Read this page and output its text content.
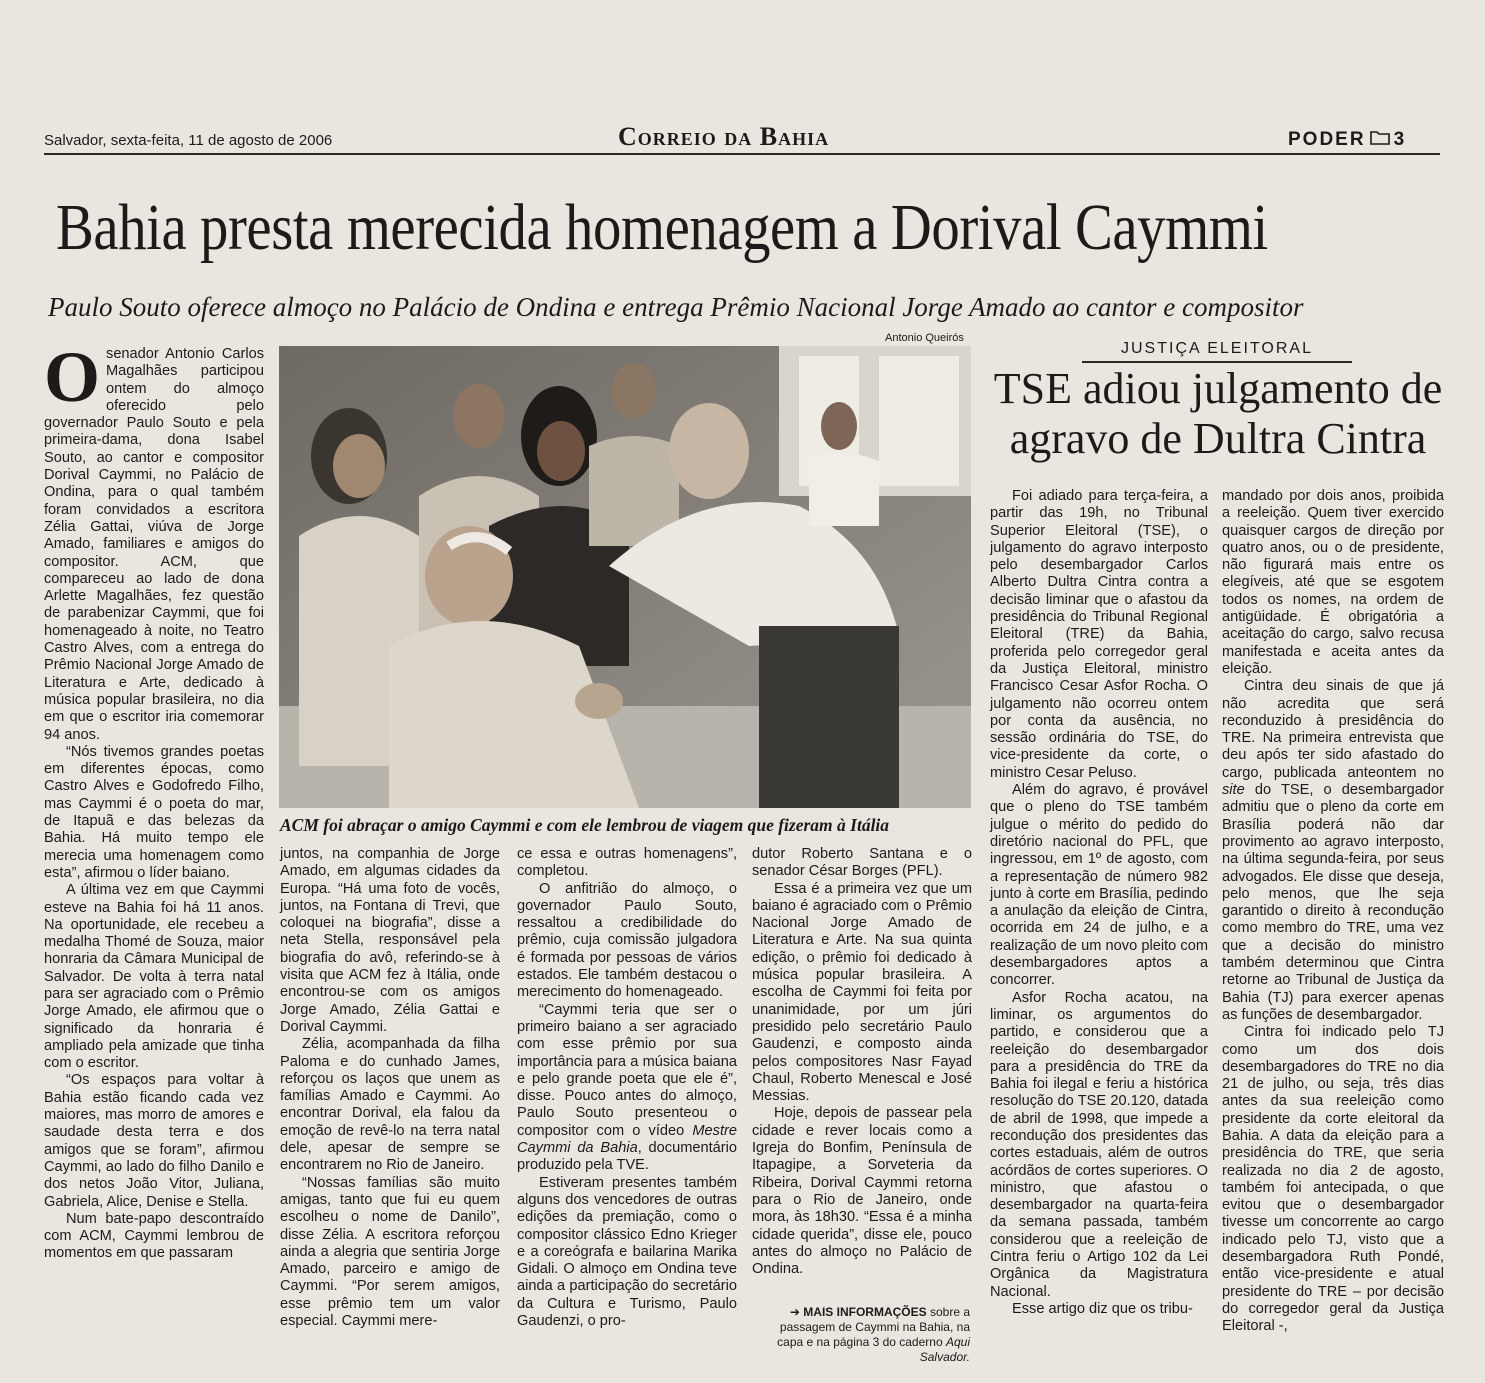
Salvador, sexta-feita, 11 de agosto de 2006	Correio da Bahia	PODER 3
Bahia presta merecida homenagem a Dorival Caymmi
Paulo Souto oferece almoço no Palácio de Ondina e entrega Prêmio Nacional Jorge Amado ao cantor e compositor
Antonio Queirós
ACM foi abraçar o amigo Caymmi e com ele lembrou de viagem que fizeram à Itália
O senador Antonio Carlos Magalhães participou ontem do almoço oferecido pelo governador Paulo Souto e pela primeira-dama, dona Isabel Souto, ao cantor e compositor Dorival Caymmi, no Palácio de Ondina, para o qual também foram convidados a escritora Zélia Gattai, viúva de Jorge Amado, familiares e amigos do compositor. ACM, que compareceu ao lado de dona Arlette Magalhães, fez questão de parabenizar Caymmi, que foi homenageado à noite, no Teatro Castro Alves, com a entrega do Prêmio Nacional Jorge Amado de Literatura e Arte, dedicado à música popular brasileira, no dia em que o escritor iria comemorar 94 anos.

“Nós tivemos grandes poetas em diferentes épocas, como Castro Alves e Godofredo Filho, mas Caymmi é o poeta do mar, de Itapuã e das belezas da Bahia. Há muito tempo ele merecia uma homenagem como esta”, afirmou o líder baiano.

A última vez em que Caymmi esteve na Bahia foi há 11 anos. Na oportunidade, ele recebeu a medalha Thomé de Souza, maior honraria da Câmara Municipal de Salvador. De volta à terra natal para ser agraciado com o Prêmio Jorge Amado, ele afirmou que o significado da honraria é ampliado pela amizade que tinha com o escritor.

“Os espaços para voltar à Bahia estão ficando cada vez maiores, mas morro de amores e saudade desta terra e dos amigos que se foram”, afirmou Caymmi, ao lado do filho Danilo e dos netos João Vitor, Juliana, Gabriela, Alice, Denise e Stella.

Num bate-papo descontraído com ACM, Caymmi lembrou de momentos em que passaram

juntos, na companhia de Jorge Amado, em algumas cidades da Europa. “Há uma foto de vocês, juntos, na Fontana di Trevi, que coloquei na biografia”, disse a neta Stella, responsável pela biografia do avô, referindo-se à visita que ACM fez à Itália, onde encontrou-se com os amigos Jorge Amado, Zélia Gattai e Dorival Caymmi.

Zélia, acompanhada da filha Paloma e do cunhado James, reforçou os laços que unem as famílias Amado e Caymmi. Ao encontrar Dorival, ela falou da emoção de revê-lo na terra natal dele, apesar de sempre se encontrarem no Rio de Janeiro.

“Nossas famílias são muito amigas, tanto que fui eu quem escolheu o nome de Danilo”, disse Zélia. A escritora reforçou ainda a alegria que sentiria Jorge Amado, parceiro e amigo de Caymmi. “Por serem amigos, esse prêmio tem um valor especial. Caymmi mere-

ce essa e outras homenagens”, completou.

O anfitrião do almoço, o governador Paulo Souto, ressaltou a credibilidade do prêmio, cuja comissão julgadora é formada por pessoas de vários estados. Ele também destacou o merecimento do homenageado.

“Caymmi teria que ser o primeiro baiano a ser agraciado com esse prêmio por sua importância para a música baiana e pelo grande poeta que ele é”, disse. Pouco antes do almoço, Paulo Souto presenteou o compositor com o vídeo Mestre Caymmi da Bahia, documentário produzido pela TVE.

Estiveram presentes também alguns dos vencedores de outras edições da premiação, como o compositor clássico Edno Krieger e a coreógrafa e bailarina Marika Gidali. O almoço em Ondina teve ainda a participação do secretário da Cultura e Turismo, Paulo Gaudenzi, o pro-

dutor Roberto Santana e o senador César Borges (PFL).

Essa é a primeira vez que um baiano é agraciado com o Prêmio Nacional Jorge Amado de Literatura e Arte. Na sua quinta edição, o prêmio foi dedicado à música popular brasileira. A escolha de Caymmi foi feita por unanimidade, por um júri presidido pelo secretário Paulo Gaudenzi, e composto ainda pelos compositores Nasr Fayad Chaul, Roberto Menescal e José Messias.

Hoje, depois de passear pela cidade e rever locais como a Igreja do Bonfim, Península de Itapagipe, a Sorveteria da Ribeira, Dorival Caymmi retorna para o Rio de Janeiro, onde mora, às 18h30. “Essa é a minha cidade querida”, disse ele, pouco antes do almoço no Palácio de Ondina.

➔ MAIS INFORMAÇÕES sobre a passagem de Caymmi na Bahia, na capa e na página 3 do caderno Aqui Salvador.
JUSTIÇA ELEITORAL
TSE adiou julgamento de agravo de Dultra Cintra

Foi adiado para terça-feira, a partir das 19h, no Tribunal Superior Eleitoral (TSE), o julgamento do agravo interposto pelo desembargador Carlos Alberto Dultra Cintra contra a decisão liminar que o afastou da presidência do Tribunal Regional Eleitoral (TRE) da Bahia, proferida pelo corregedor geral da Justiça Eleitoral, ministro Francisco Cesar Asfor Rocha. O julgamento não ocorreu ontem por conta da ausência, no sessão ordinária do TSE, do vice-presidente da corte, o ministro Cesar Peluso.

Além do agravo, é provável que o pleno do TSE também julgue o mérito do pedido do diretório nacional do PFL, que ingressou, em 1º de agosto, com a representação de número 982 junto à corte em Brasília, pedindo a anulação da eleição de Cintra, ocorrida em 24 de julho, e a realização de um novo pleito com desembargadores aptos a concorrer.

Asfor Rocha acatou, na liminar, os argumentos do partido, e considerou que a reeleição do desembargador para a presidência do TRE da Bahia foi ilegal e feriu a histórica resolução do TSE 20.120, datada de abril de 1998, que impede a recondução dos presidentes das cortes estaduais, além de outros acórdãos de cortes superiores. O ministro, que afastou o desembargador na quarta-feira da semana passada, também considerou que a reeleição de Cintra feriu o Artigo 102 da Lei Orgânica da Magistratura Nacional.

Esse artigo diz que os tribu-

mandado por dois anos, proibida a reeleição. Quem tiver exercido quaisquer cargos de direção por quatro anos, ou o de presidente, não figurará mais entre os elegíveis, até que se esgotem todos os nomes, na ordem de antigüidade. É obrigatória a aceitação do cargo, salvo recusa manifestada e aceita antes da eleição.

Cintra deu sinais de que já não acredita que será reconduzido à presidência do TRE. Na primeira entrevista que deu após ter sido afastado do cargo, publicada anteontem no site do TSE, o desembargador admitiu que o pleno da corte em Brasília poderá não dar provimento ao agravo interposto, na última segunda-feira, por seus advogados. Ele disse que deseja, pelo menos, que lhe seja garantido o direito à recondução como membro do TRE, uma vez que a decisão do ministro também determinou que Cintra retorne ao Tribunal de Justiça da Bahia (TJ) para exercer apenas as funções de desembargador.

Cintra foi indicado pelo TJ como um dos dois desembargadores do TRE no dia 21 de julho, ou seja, três dias antes da sua reeleição como presidente da corte eleitoral da Bahia. A data da eleição para a presidência do TRE, que seria realizada no dia 2 de agosto, também foi antecipada, o que evitou que o desembargador tivesse um concorrente ao cargo indicado pelo TJ, visto que a desembargadora Ruth Pondé, então vice-presidente e atual presidente do TRE – por decisão do corregedor geral da Justiça Eleitoral -,
